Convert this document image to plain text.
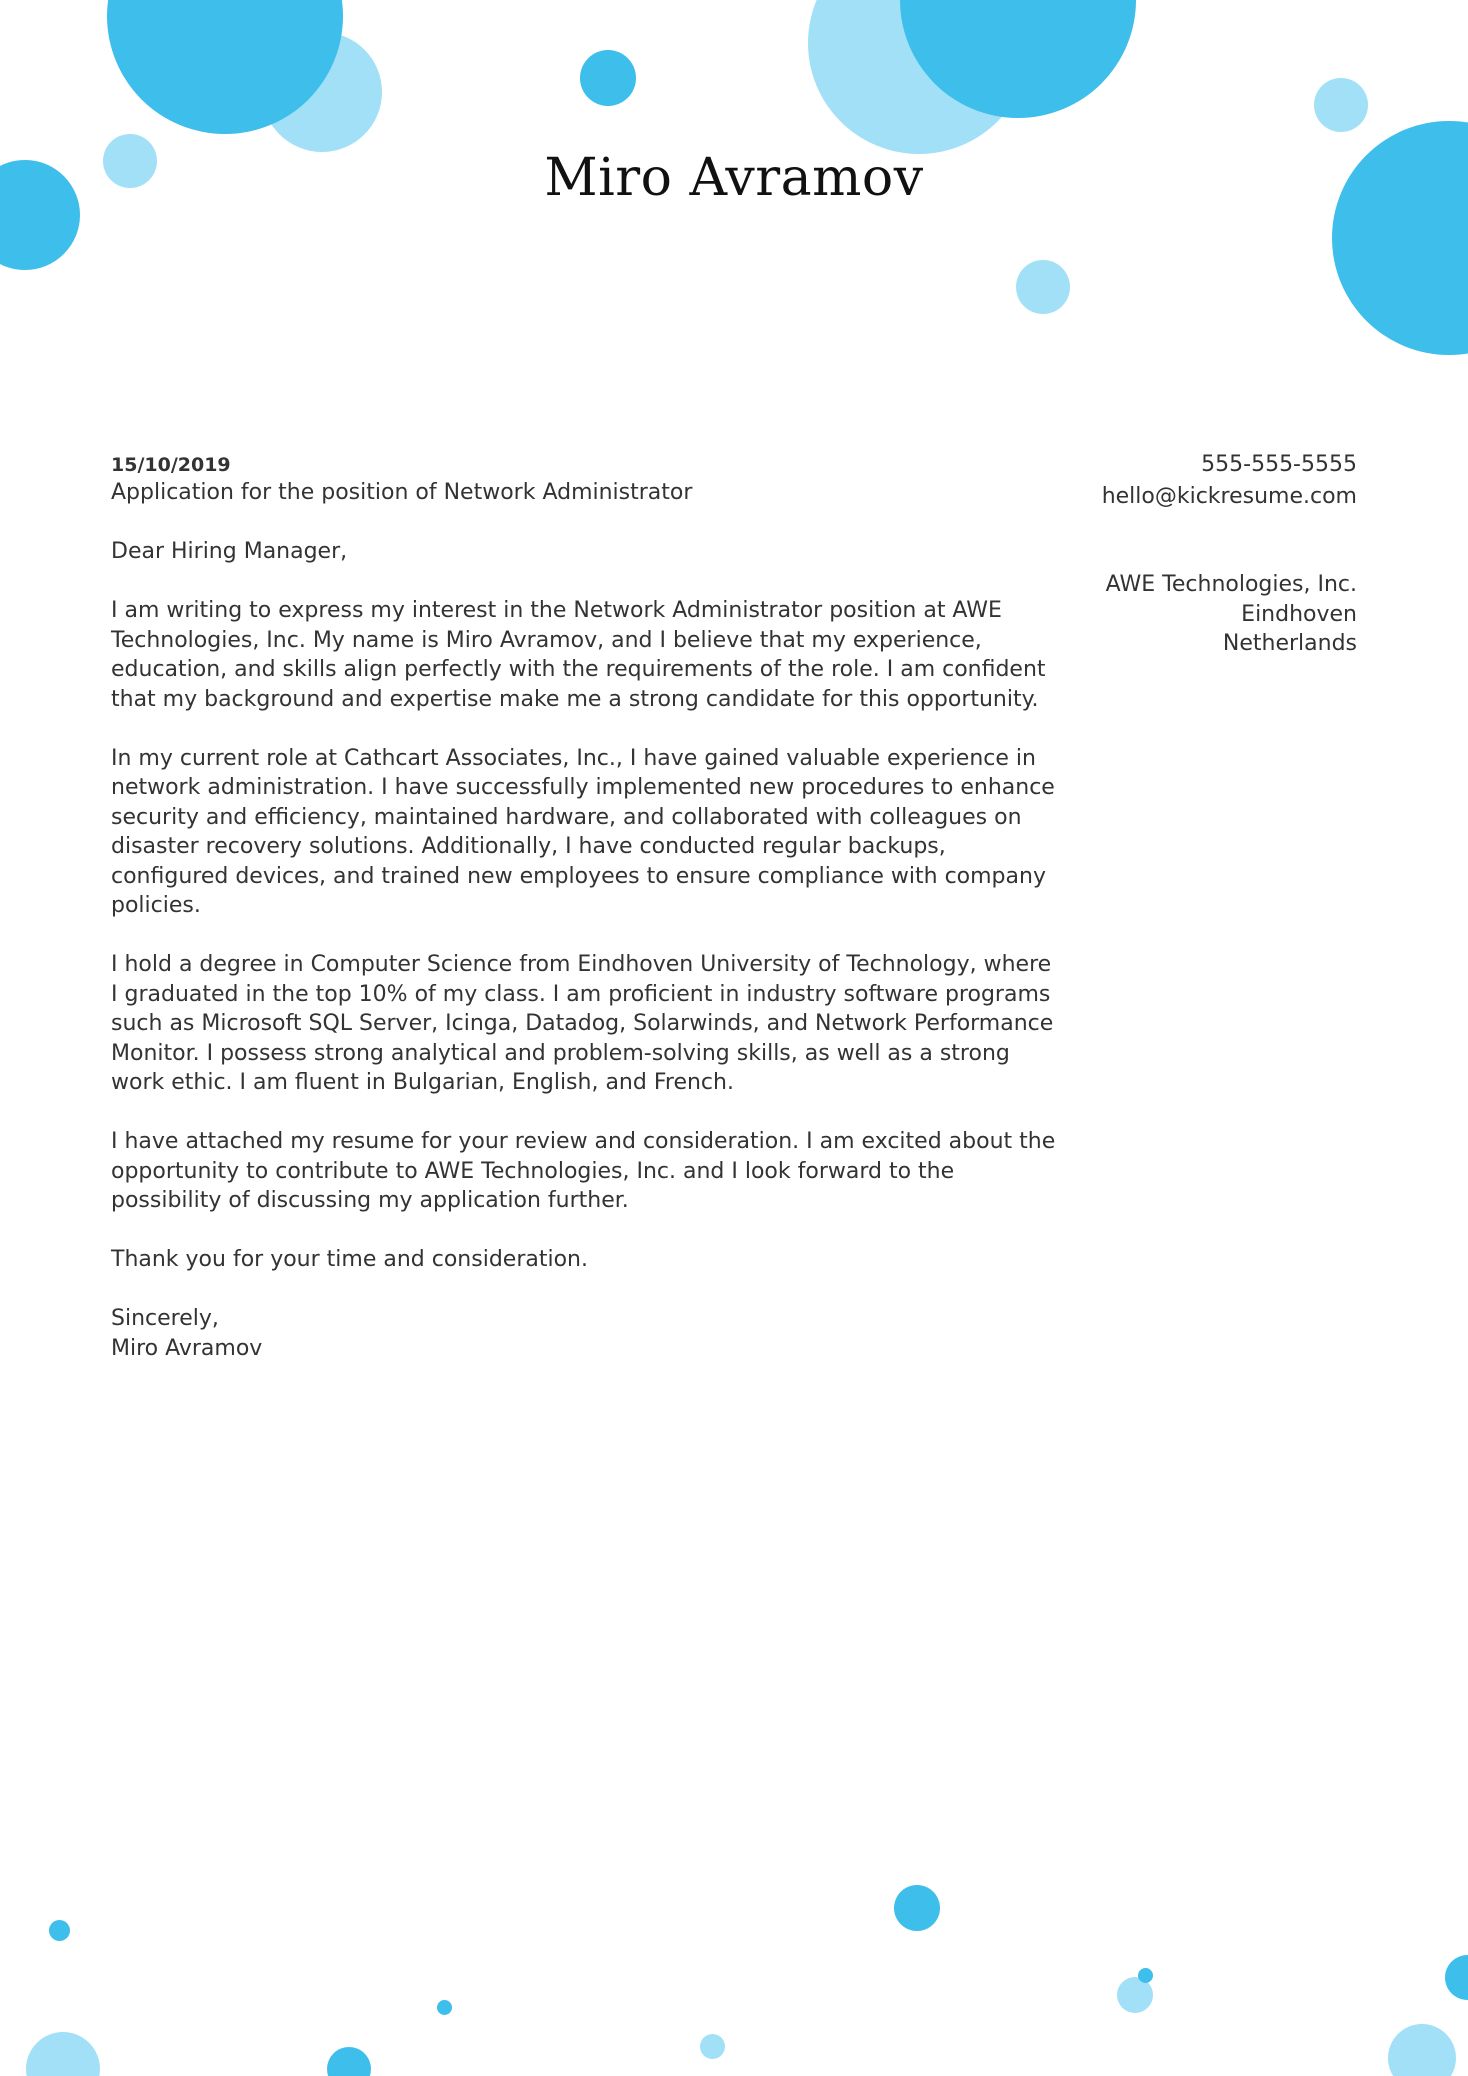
Miro Avramov
15/10/2019
Application for the position of Network Administrator
Dear Hiring Manager,

I am writing to express my interest in the Network Administrator position at AWE
Technologies, Inc. My name is Miro Avramov, and I believe that my experience,
education, and skills align perfectly with the requirements of the role. I am confident
that my background and expertise make me a strong candidate for this opportunity.

In my current role at Cathcart Associates, Inc., I have gained valuable experience in
network administration. I have successfully implemented new procedures to enhance
security and efficiency, maintained hardware, and collaborated with colleagues on
disaster recovery solutions. Additionally, I have conducted regular backups,
configured devices, and trained new employees to ensure compliance with company
policies.

I hold a degree in Computer Science from Eindhoven University of Technology, where
I graduated in the top 10% of my class. I am proficient in industry software programs
such as Microsoft SQL Server, Icinga, Datadog, Solarwinds, and Network Performance
Monitor. I possess strong analytical and problem-solving skills, as well as a strong
work ethic. I am fluent in Bulgarian, English, and French.

I have attached my resume for your review and consideration. I am excited about the
opportunity to contribute to AWE Technologies, Inc. and I look forward to the
possibility of discussing my application further.

Thank you for your time and consideration.

Sincerely,
Miro Avramov
555-555-5555
hello@kickresume.com
AWE Technologies, Inc.
Eindhoven
Netherlands
